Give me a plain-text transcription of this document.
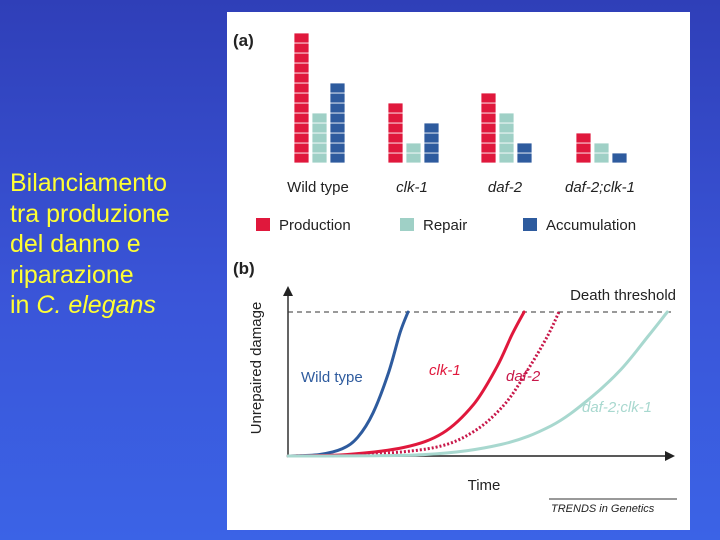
Bilanciamento
tra produzione
del danno e
riparazione
in C. elegans
(a)
Wild type	clk-1	daf-2	daf-2;clk-1
Production	Repair	Accumulation
(b)
Death threshold
Time
Unrepaired damage Wild type	clk-1	daf-2
daf-2;clk-1
TRENDS in Genetics
